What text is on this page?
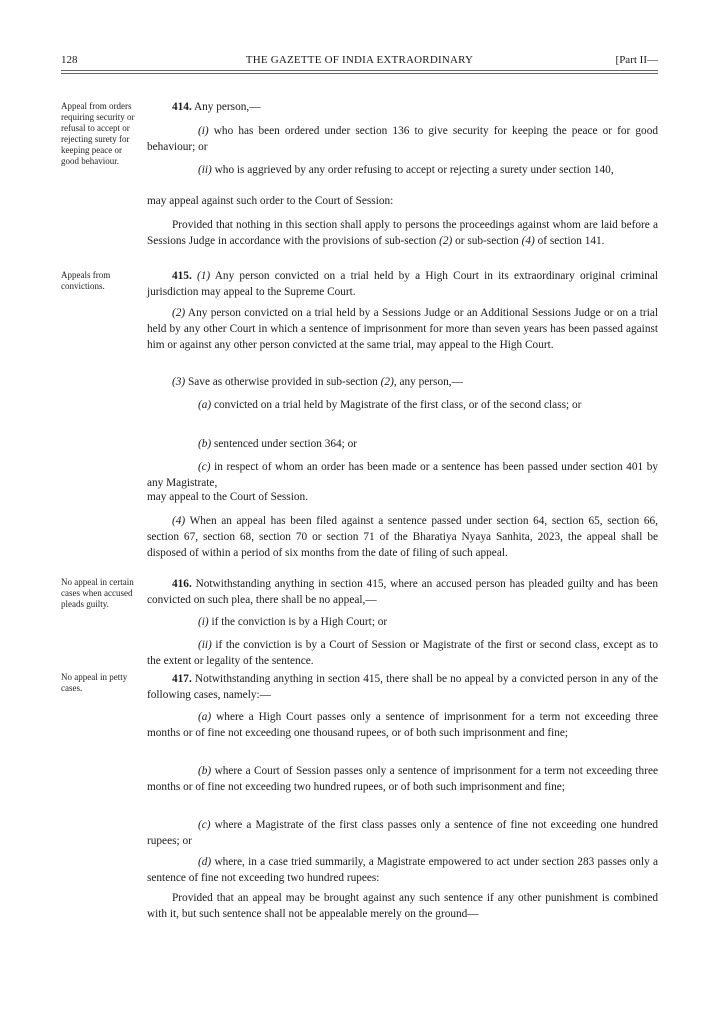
128	THE GAZETTE OF INDIA EXTRAORDINARY	[Part II—
Appeal from orders requiring security or refusal to accept or rejecting surety for keeping peace or good behaviour.
Appeals from convictions.
No appeal in certain cases when accused pleads guilty.
No appeal in petty cases.

414. Any person,—

(i) who has been ordered under section 136 to give security for keeping the peace or for good behaviour; or

(ii) who is aggrieved by any order refusing to accept or rejecting a surety under section 140,

may appeal against such order to the Court of Session:

Provided that nothing in this section shall apply to persons the proceedings against whom are laid before a Sessions Judge in accordance with the provisions of sub-section (2) or sub-section (4) of section 141.

415. (1) Any person convicted on a trial held by a High Court in its extraordinary original criminal jurisdiction may appeal to the Supreme Court.

(2) Any person convicted on a trial held by a Sessions Judge or an Additional Sessions Judge or on a trial held by any other Court in which a sentence of imprisonment for more than seven years has been passed against him or against any other person convicted at the same trial, may appeal to the High Court.

(3) Save as otherwise provided in sub-section (2), any person,—

(a) convicted on a trial held by Magistrate of the first class, or of the second class; or

(b) sentenced under section 364; or

(c) in respect of whom an order has been made or a sentence has been passed under section 401 by any Magistrate,

may appeal to the Court of Session.

(4) When an appeal has been filed against a sentence passed under section 64, section 65, section 66, section 67, section 68, section 70 or section 71 of the Bharatiya Nyaya Sanhita, 2023, the appeal shall be disposed of within a period of six months from the date of filing of such appeal.

416. Notwithstanding anything in section 415, where an accused person has pleaded guilty and has been convicted on such plea, there shall be no appeal,—

(i) if the conviction is by a High Court; or

(ii) if the conviction is by a Court of Session or Magistrate of the first or second class, except as to the extent or legality of the sentence.

417. Notwithstanding anything in section 415, there shall be no appeal by a convicted person in any of the following cases, namely:—

(a) where a High Court passes only a sentence of imprisonment for a term not exceeding three months or of fine not exceeding one thousand rupees, or of both such imprisonment and fine;

(b) where a Court of Session passes only a sentence of imprisonment for a term not exceeding three months or of fine not exceeding two hundred rupees, or of both such imprisonment and fine;

(c) where a Magistrate of the first class passes only a sentence of fine not exceeding one hundred rupees; or

(d) where, in a case tried summarily, a Magistrate empowered to act under section 283 passes only a sentence of fine not exceeding two hundred rupees:

Provided that an appeal may be brought against any such sentence if any other punishment is combined with it, but such sentence shall not be appealable merely on the ground—
